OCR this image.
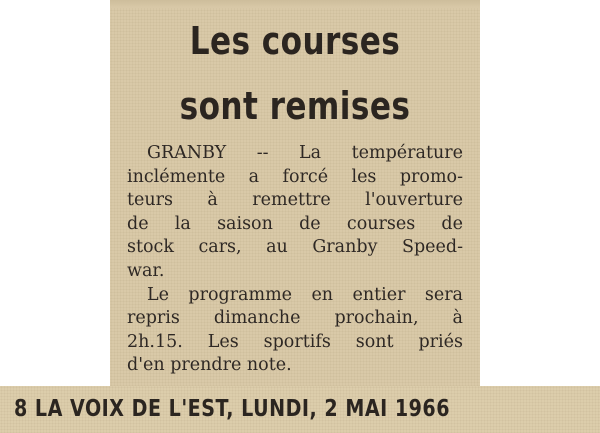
Les courses
sont remises
GRANBY -- La température
inclémente a forcé les promo-
teurs à remettre l'ouverture
de la saison de courses de
stock cars, au Granby Speed-
war.
Le programme en entier sera
repris dimanche prochain, à
2h.15. Les sportifs sont priés
d'en prendre note.
8 LA VOIX DE L'EST, LUNDI, 2 MAI 1966
